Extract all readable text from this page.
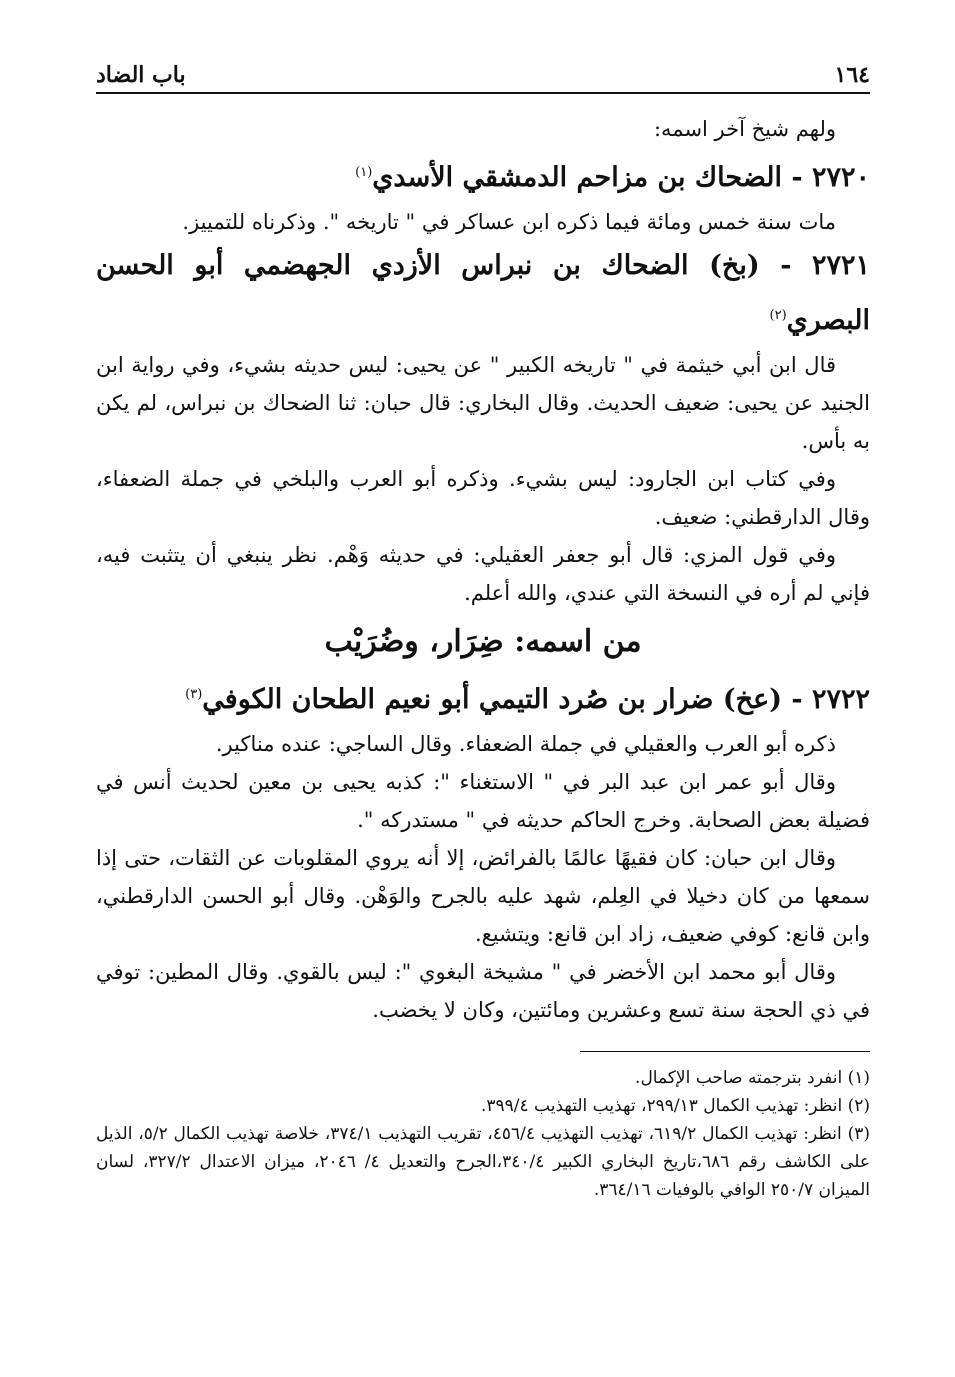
١٦٤
باب الضاد

ولهم شيخ آخر اسمه:

٢٧٢٠ - الضحاك بن مزاحم الدمشقي الأسدي$^{(١)}$

مات سنة خمس ومائة فيما ذكره ابن عساكر في " تاريخه ". وذكرناه للتمييز.

٢٧٢١ - (بخ) الضحاك بن نبراس الأزدي الجهضمي أبو الحسن البصري$^{(٢)}$

قال ابن أبي خيثمة في " تاريخه الكبير " عن يحيى: ليس حديثه بشيء، وفي رواية ابن الجنيد عن يحيى: ضعيف الحديث. وقال البخاري: قال حبان: ثنا الضحاك بن نبراس، لم يكن به بأس.

وفي كتاب ابن الجارود: ليس بشيء. وذكره أبو العرب والبلخي في جملة الضعفاء، وقال الدارقطني: ضعيف.

وفي قول المزي: قال أبو جعفر العقيلي: في حديثه وَهْم. نظر ينبغي أن يتثبت فيه، فإني لم أره في النسخة التي عندي، والله أعلم.

من اسمه: ضِرَار، وضُرَيْب

٢٧٢٢ - (عخ) ضرار بن صُرد التيمي أبو نعيم الطحان الكوفي$^{(٣)}$

ذكره أبو العرب والعقيلي في جملة الضعفاء. وقال الساجي: عنده مناكير.

وقال أبو عمر ابن عبد البر في " الاستغناء ": كذبه يحيى بن معين لحديث أنس في فضيلة بعض الصحابة. وخرج الحاكم حديثه في " مستدركه ".

وقال ابن حبان: كان فقيهًا عالمًا بالفرائض، إلا أنه يروي المقلوبات عن الثقات، حتى إذا سمعها من كان دخيلا في العِلم، شهد عليه بالجرح والوَهْن. وقال أبو الحسن الدارقطني، وابن قانع: كوفي ضعيف، زاد ابن قانع: ويتشيع.

وقال أبو محمد ابن الأخضر في " مشيخة البغوي ": ليس بالقوي. وقال المطين: توفي في ذي الحجة سنة تسع وعشرين ومائتين، وكان لا يخضب.

(١) انفرد بترجمته صاحب الإكمال.

(٢) انظر: تهذيب الكمال ٢٩٩/١٣، تهذيب التهذيب ٣٩٩/٤.

(٣) انظر: تهذيب الكمال ٦١٩/٢، تهذيب التهذيب ٤٥٦/٤، تقريب التهذيب ٣٧٤/١، خلاصة تهذيب الكمال ٥/٢، الذيل على الكاشف رقم ٦٨٦،تاريخ البخاري الكبير ٣٤٠/٤،الجرح والتعديل ٤/ ٢٠٤٦، ميزان الاعتدال ٣٢٧/٢، لسان الميزان ٢٥٠/٧ الوافي بالوفيات ٣٦٤/١٦.
